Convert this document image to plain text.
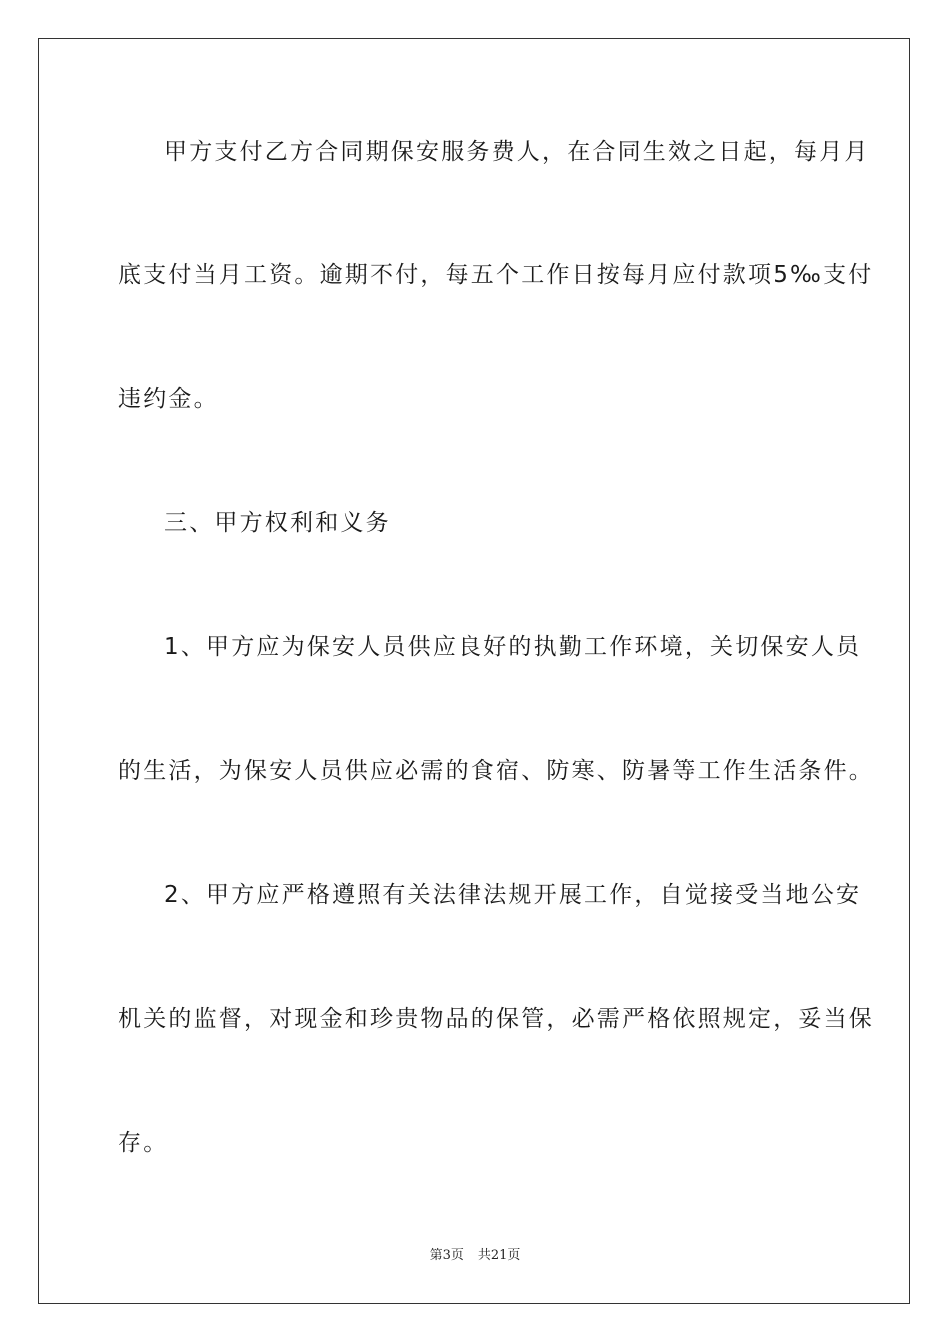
甲方支付乙方合同期保安服务费人，在合同生效之日起，每月月
底支付当月工资。逾期不付，每五个工作日按每月应付款项5‰支付
违约金。
三、甲方权利和义务
1、甲方应为保安人员供应良好的执勤工作环境，关切保安人员
的生活，为保安人员供应必需的食宿、防寒、防暑等工作生活条件。
2、甲方应严格遵照有关法律法规开展工作，自觉接受当地公安
机关的监督，对现金和珍贵物品的保管，必需严格依照规定，妥当保
存。
第3页 共21页
